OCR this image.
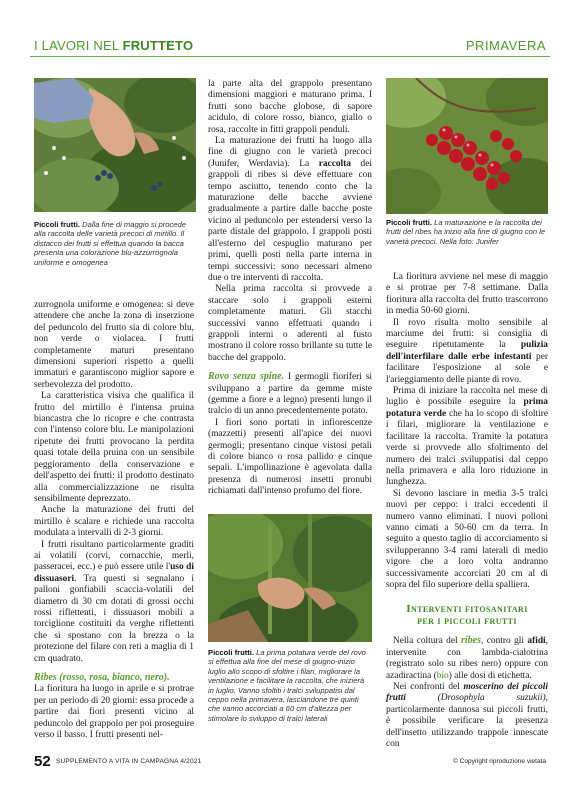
I LAVORI NEL FRUTTETO	PRIMAVERA
Piccoli frutti. Dalla fine di maggio si procede alla raccolta delle varietà precoci di mirtillo. Il distacco dei frutti si effettua quando la bacca presenta una colorazione blu-azzurrognola uniforme e omogenea
Piccoli frutti. La maturazione e la raccolta dei frutti del ribes ha inizio alla fine di giugno con le varietà precoci. Nella foto: Junifer
Piccoli frutti. La prima potatura verde del rovo si effettua alla fine del mese di giugno-inizio luglio allo scopo di sfoltire i filari, migliorare la ventilazione e facilitare la raccolta, che inizierà in luglio. Vanno sfoltiti i tralci sviluppatisi dal ceppo nella primavera, lasciandone tre quinti che vanno accorciati a 60 cm d'altezza per stimolare lo sviluppo di tralci laterali

zurrognola uniforme e omogenea: si deve attendere che anche la zona di inserzione del peduncolo del frutto sia di colore blu, non verde o violacea. I frutti completamente maturi presentano dimensioni superiori rispetto a quelli immaturi e garantiscono miglior sapore e serbevolezza del prodotto.

La caratteristica visiva che qualifica il frutto del mirtillo è l'intensa pruina biancastra che lo ricopre e che contrasta con l'intenso colore blu. Le manipolazioni ripetute dei frutti provocano la perdita quasi totale della pruina con un sensibile peggioramento della conservazione e dell'aspetto dei frutti: il prodotto destinato alla commercializzazione ne risulta sensibilmente deprezzato.

Anche la maturazione dei frutti del mirtillo è scalare e richiede una raccolta modulata a intervalli di 2-3 giorni.

I frutti risultano particolarmente graditi ai volatili (corvi, cornacchie, merli, passeracei, ecc.) e può essere utile l'uso di dissuasori. Tra questi si segnalano i palloni gonfiabili scaccia-volatili del diametro di 30 cm dotati di grossi occhi rossi riflettenti, i dissuasori mobili a torciglione costituiti da verghe riflettenti che si spostano con la brezza o la protezione del filare con reti a maglia di 1 cm quadrato.

Ribes (rosso, rosa, bianco, nero).

La fioritura ha luogo in aprile e si protrae per un periodo di 20 giorni: essa procede a partire dai fiori presenti vicino al peduncolo del grappolo per poi proseguire verso il basso. I frutti presenti nel-

la parte alta del grappolo presentano dimensioni maggiori e maturano prima. I frutti sono bacche globose, di sapore acidulo, di colore rosso, bianco, giallo o rosa, raccolte in fitti grappoli penduli.

La maturazione dei frutti ha luogo alla fine di giugno con le varietà precoci (Junifer, Werdavia). La raccolta dei grappoli di ribes si deve effettuare con tempo asciutto, tenendo conto che la maturazione delle bacche avviene gradualmente a partire dalle bacche poste vicino al peduncolo per estendersi verso la parte distale del grappolo. I grappoli posti all'esterno del cespuglio maturano per primi, quelli posti nella parte interna in tempi successivi: sono necessari almeno due o tre interventi di raccolta.

Nella prima raccolta si provvede a staccare solo i grappoli esterni completamente maturi. Gli stacchi successivi vanno effettuati quando i grappoli interni o aderenti al fusto mostrano il colore rosso brillante su tutte le bacche del grappolo.

Rovo senza spine. I germogli fioriferi si sviluppano a partire da gemme miste (gemme a fiore e a legno) presenti lungo il tralcio di un anno precedentemente potato.

I fiori sono portati in infiorescenze (mazzetti) presenti all'apice dei nuovi germogli; presentano cinque vistosi petali di colore bianco o rosa pallido e cinque sepali. L'impollinazione è agevolata dalla presenza di numerosi insetti pronubi richiamati dall'intenso profumo del fiore.

La fioritura avviene nel mese di maggio e si protrae per 7-8 settimane. Dalla fioritura alla raccolta del frutto trascorrono in media 50-60 giorni.

Il rovo risulta molto sensibile al marciume dei frutti: si consiglia di eseguire ripetutamente la pulizia dell'interfilare dalle erbe infestanti per facilitare l'esposizione al sole e l'arieggiamento delle piante di rovo.

Prima di iniziare la raccolta nel mese di luglio è possibile eseguire la prima potatura verde che ha lo scopo di sfoltire i filari, migliorare la ventilazione e facilitare la raccolta. Tramite la potatura verde si provvede allo sfoltimento del numero dei tralci sviluppatisi dal ceppo nella primavera e alla loro riduzione in lunghezza.

Si devono lasciare in media 3-5 tralci nuovi per ceppo: i tralci eccedenti il numero vanno eliminati. I nuovi polloni vanno cimati a 50-60 cm da terra. In seguito a questo taglio di accorciamento si svilupperanno 3-4 rami laterali di medio vigore che a loro volta andranno successivamente accorciati 20 cm al di sopra del filo superiore della spalliera.

Interventi fitosanitari
per i piccoli frutti

Nella coltura del ribes, contro gli afidi, intervenite con lambda-cialotrina (registrato solo su ribes nero) oppure con azadiractina (bio) alle dosi di etichetta.

Nei confronti del moscerino dei piccoli frutti (Drosophyla suzukii), particolarmente dannosa sui piccoli frutti, è possibile verificare la presenza dell'insetto utilizzando trappole innescate con

52 SUPPLEMENTO A VITA IN CAMPAGNA 4/2021	© Copyright riproduzione vietata
